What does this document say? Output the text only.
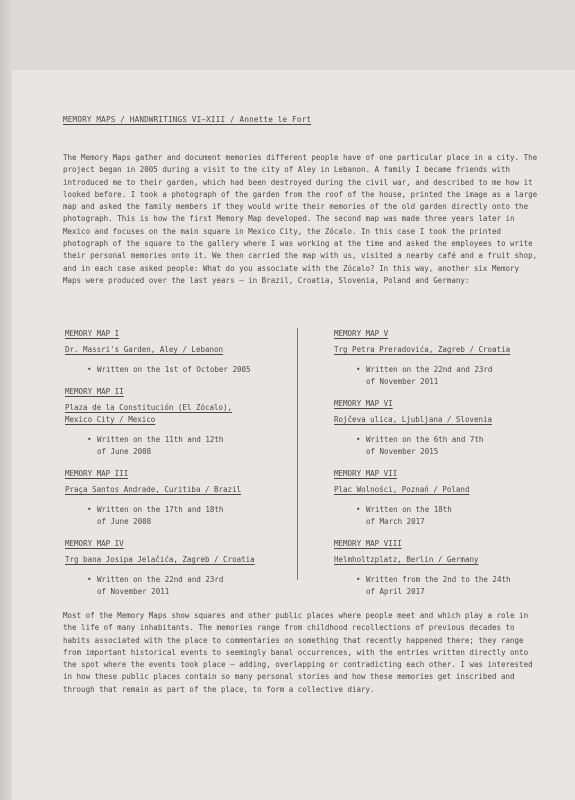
MEMORY MAPS / HANDWRITINGS VI–XIII / Annette le Fort

The Memory Maps gather and document memories different people have of one particular place in a city. The project began in 2005 during a visit to the city of Aley in Lebanon. A family I became friends with introduced me to their garden, which had been destroyed during the civil war, and described to me how it looked before. I took a photograph of the garden from the roof of the house, printed the image as a large map and asked the family members if they would write their memories of the old garden directly onto the photograph. This is how the first Memory Map developed. The second map was made three years later in Mexico and focuses on the main square in Mexico City, the Zócalo. In this case I took the printed photograph of the square to the gallery where I was working at the time and asked the employees to write their personal memories onto it. We then carried the map with us, visited a nearby café and a fruit shop, and in each case asked people: What do you associate with the Zócalo? In this way, another six Memory Maps were produced over the last years – in Brazil, Croatia, Slovenia, Poland and Germany:

MEMORY MAP I
Dr. Massri's Garden, Aley / Lebanon
• Written on the 1st of October 2005
MEMORY MAP II
Plaza de la Constitución (El Zócalo),
Mexico City / Mexico
• Written on the 11th and 12th
of June 2008
MEMORY MAP III
Praça Santos Andrade, Curitiba / Brazil
• Written on the 17th and 18th
of June 2008
MEMORY MAP IV
Trg bana Josipa Jelačića, Zagreb / Croatia
• Written on the 22nd and 23rd
of November 2011
MEMORY MAP V
Trg Petra Preradovića, Zagreb / Croatia
• Written on the 22nd and 23rd
of November 2011
MEMORY MAP VI
Rojčeva ulica, Ljubljana / Slovenia
• Written on the 6th and 7th
of November 2015
MEMORY MAP VII
Plac Wolności, Poznań / Poland
• Written on the 18th
of March 2017
MEMORY MAP VIII
Helmholtzplatz, Berlin / Germany
• Written from the 2nd to the 24th
of April 2017

Most of the Memory Maps show squares and other public places where people meet and which play a role in the life of many inhabitants. The memories range from childhood recollections of previous decades to habits associated with the place to commentaries on something that recently happened there; they range from important historical events to seemingly banal occurrences, with the entries written directly onto the spot where the events took place – adding, overlapping or contradicting each other. I was interested in how these public places contain so many personal stories and how these memories get inscribed and through that remain as part of the place, to form a collective diary.
